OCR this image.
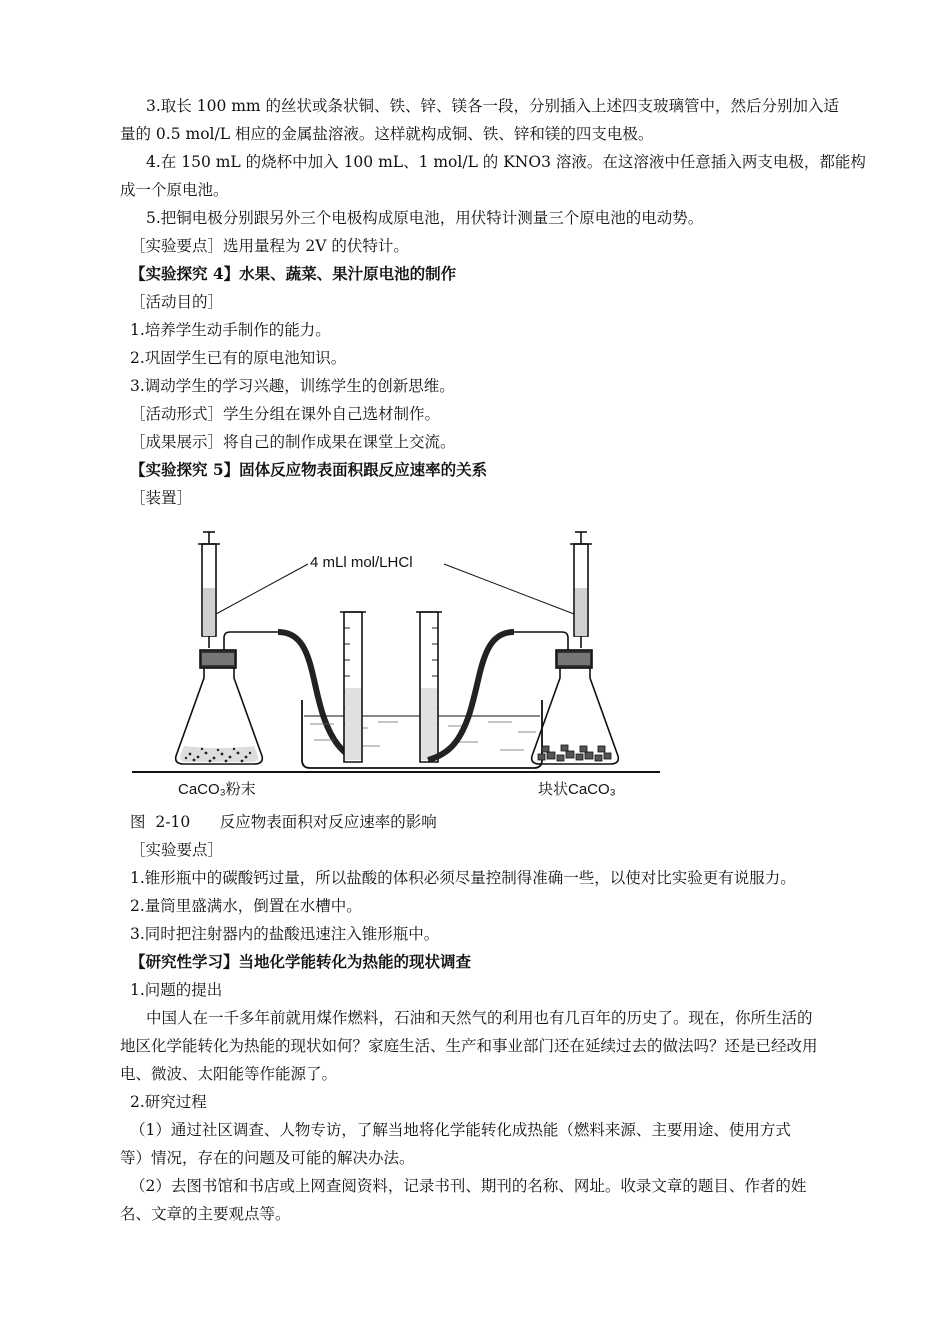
3.取长 100 mm 的丝状或条状铜、铁、锌、镁各一段，分别插入上述四支玻璃管中，然后分别加入适
量的 0.5 mol/L 相应的金属盐溶液。这样就构成铜、铁、锌和镁的四支电极。
4.在 150 mL 的烧杯中加入 100 mL、1 mol/L 的 KNO3 溶液。在这溶液中任意插入两支电极，都能构
成一个原电池。
5.把铜电极分别跟另外三个电极构成原电池，用伏特计测量三个原电池的电动势。
［实验要点］选用量程为 2V 的伏特计。
【实验探究 4】水果、蔬菜、果汁原电池的制作
［活动目的］
1.培养学生动手制作的能力。
2.巩固学生已有的原电池知识。
3.调动学生的学习兴趣，训练学生的创新思维。
［活动形式］学生分组在课外自己选材制作。
［成果展示］将自己的制作成果在课堂上交流。
【实验探究 5】固体反应物表面积跟反应速率的关系
［装置］
4 mLl mol/LHCl
CaCO₃粉末	块状CaCO₃
图  2-10      反应物表面积对反应速率的影响
［实验要点］
1.锥形瓶中的碳酸钙过量，所以盐酸的体积必须尽量控制得准确一些，以使对比实验更有说服力。
2.量筒里盛满水，倒置在水槽中。
3.同时把注射器内的盐酸迅速注入锥形瓶中。
【研究性学习】当地化学能转化为热能的现状调查
1.问题的提出
中国人在一千多年前就用煤作燃料，石油和天然气的利用也有几百年的历史了。现在，你所生活的
地区化学能转化为热能的现状如何？家庭生活、生产和事业部门还在延续过去的做法吗？还是已经改用
电、微波、太阳能等作能源了。
2.研究过程
（1）通过社区调查、人物专访，了解当地将化学能转化成热能（燃料来源、主要用途、使用方式
等）情况，存在的问题及可能的解决办法。
（2）去图书馆和书店或上网查阅资料，记录书刊、期刊的名称、网址。收录文章的题目、作者的姓
名、文章的主要观点等。
